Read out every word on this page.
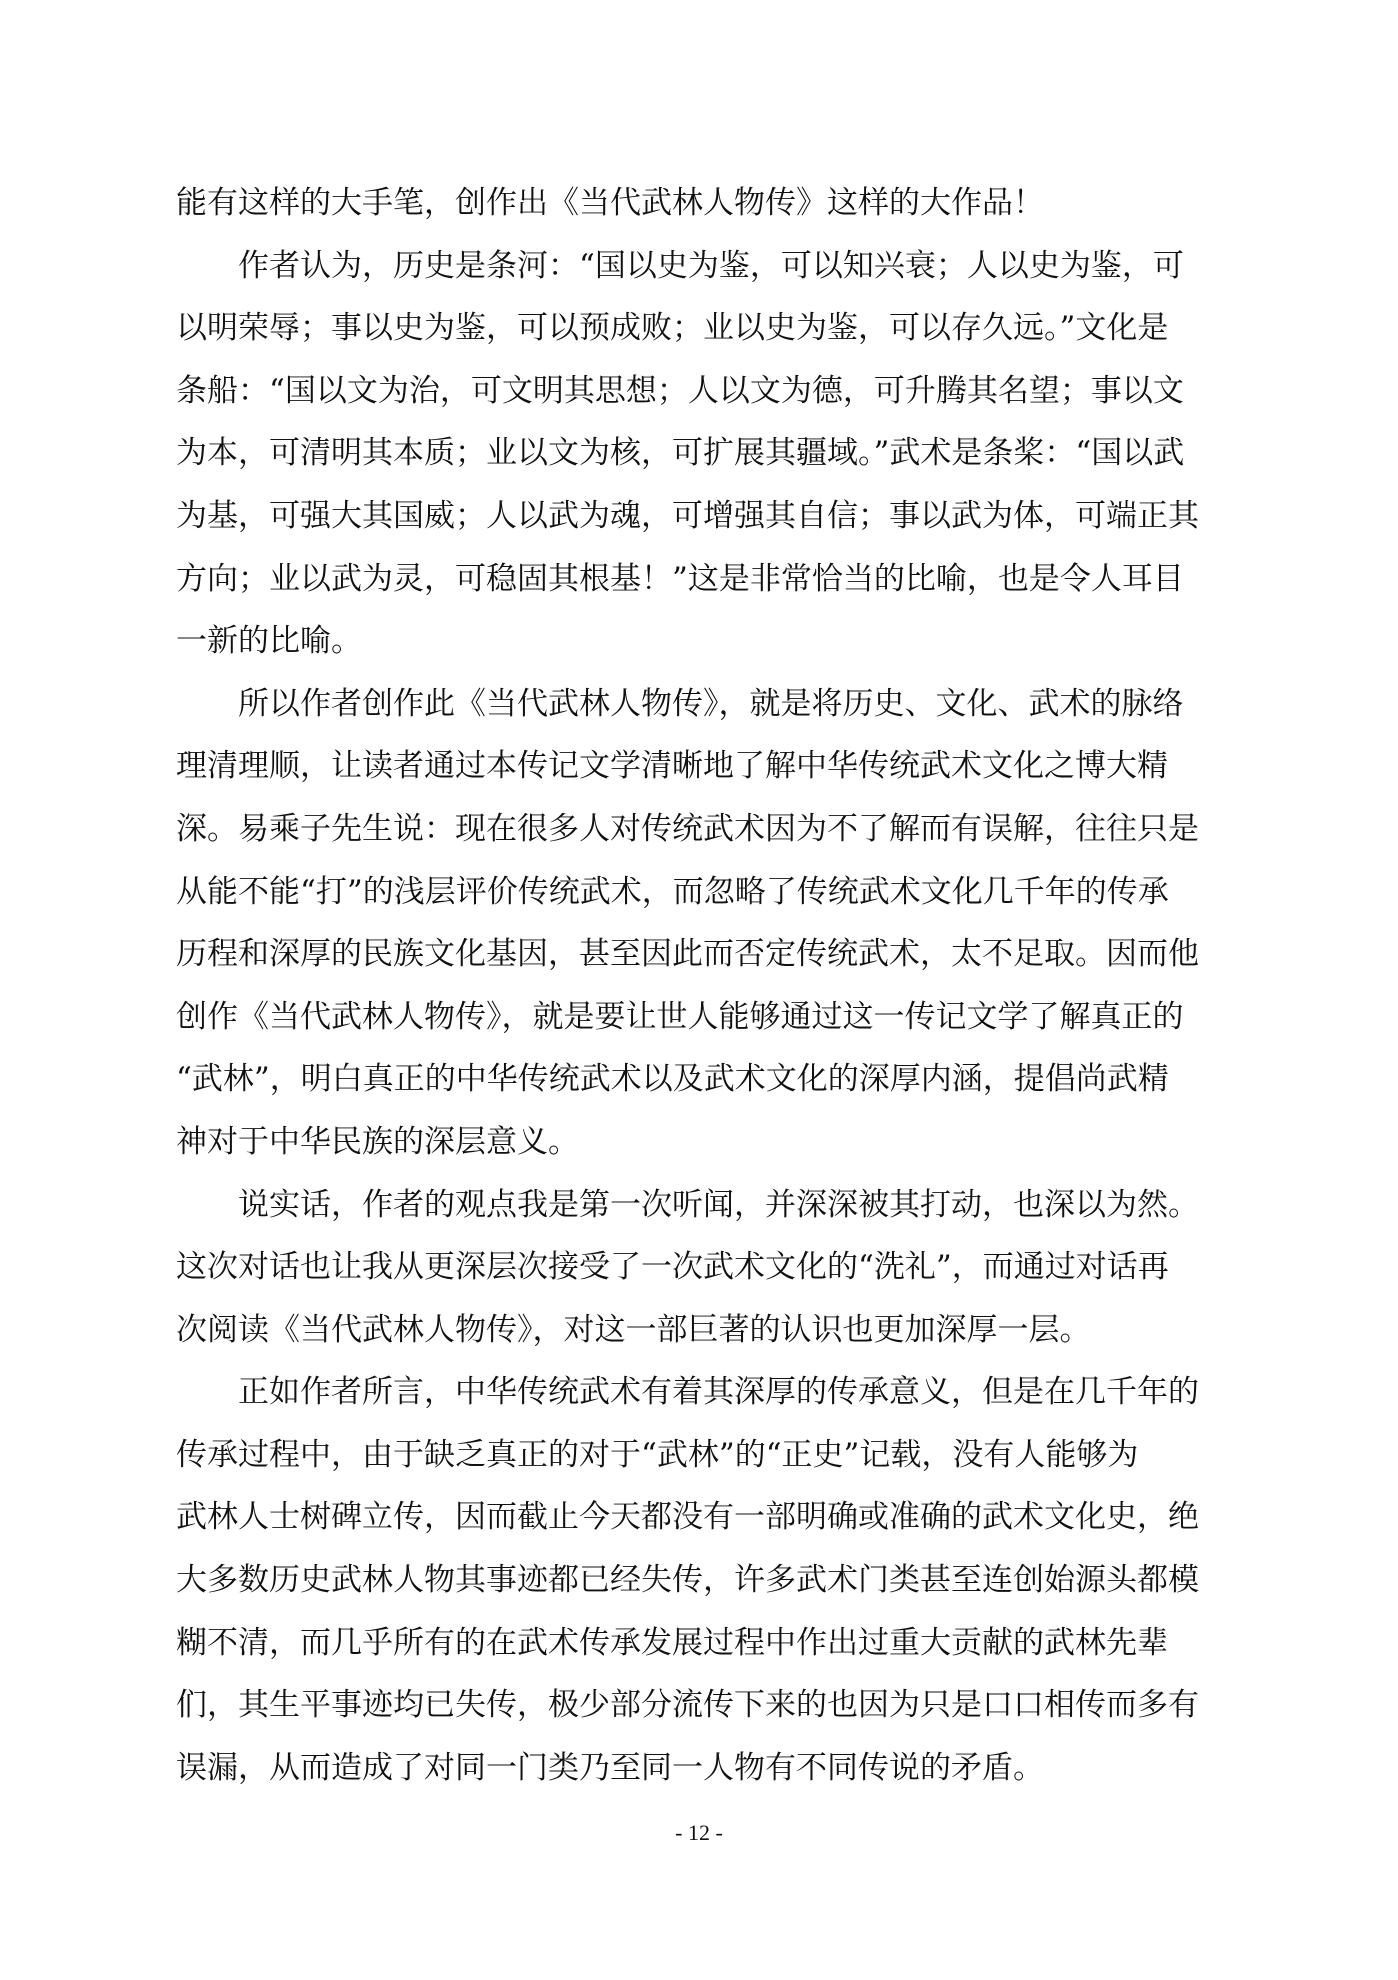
能有这样的大手笔，创作出《当代武林人物传》这样的大作品！
作者认为，历史是条河：“国以史为鉴，可以知兴衰；人以史为鉴，可
以明荣辱；事以史为鉴，可以预成败；业以史为鉴，可以存久远。”文化是
条船：“国以文为治，可文明其思想；人以文为德，可升腾其名望；事以文
为本，可清明其本质；业以文为核，可扩展其疆域。”武术是条桨：“国以武
为基，可强大其国威；人以武为魂，可增强其自信；事以武为体，可端正其
方向；业以武为灵，可稳固其根基！”这是非常恰当的比喻，也是令人耳目
一新的比喻。
所以作者创作此《当代武林人物传》，就是将历史、文化、武术的脉络
理清理顺，让读者通过本传记文学清晰地了解中华传统武术文化之博大精
深。易乘子先生说：现在很多人对传统武术因为不了解而有误解，往往只是
从能不能“打”的浅层评价传统武术，而忽略了传统武术文化几千年的传承
历程和深厚的民族文化基因，甚至因此而否定传统武术，太不足取。因而他
创作《当代武林人物传》，就是要让世人能够通过这一传记文学了解真正的
“武林”，明白真正的中华传统武术以及武术文化的深厚内涵，提倡尚武精
神对于中华民族的深层意义。
说实话，作者的观点我是第一次听闻，并深深被其打动，也深以为然。
这次对话也让我从更深层次接受了一次武术文化的“洗礼”，而通过对话再
次阅读《当代武林人物传》，对这一部巨著的认识也更加深厚一层。
正如作者所言，中华传统武术有着其深厚的传承意义，但是在几千年的
传承过程中，由于缺乏真正的对于“武林”的“正史”记载，没有人能够为
武林人士树碑立传，因而截止今天都没有一部明确或准确的武术文化史，绝
大多数历史武林人物其事迹都已经失传，许多武术门类甚至连创始源头都模
糊不清，而几乎所有的在武术传承发展过程中作出过重大贡献的武林先辈
们，其生平事迹均已失传，极少部分流传下来的也因为只是口口相传而多有
误漏，从而造成了对同一门类乃至同一人物有不同传说的矛盾。
- 12 -
